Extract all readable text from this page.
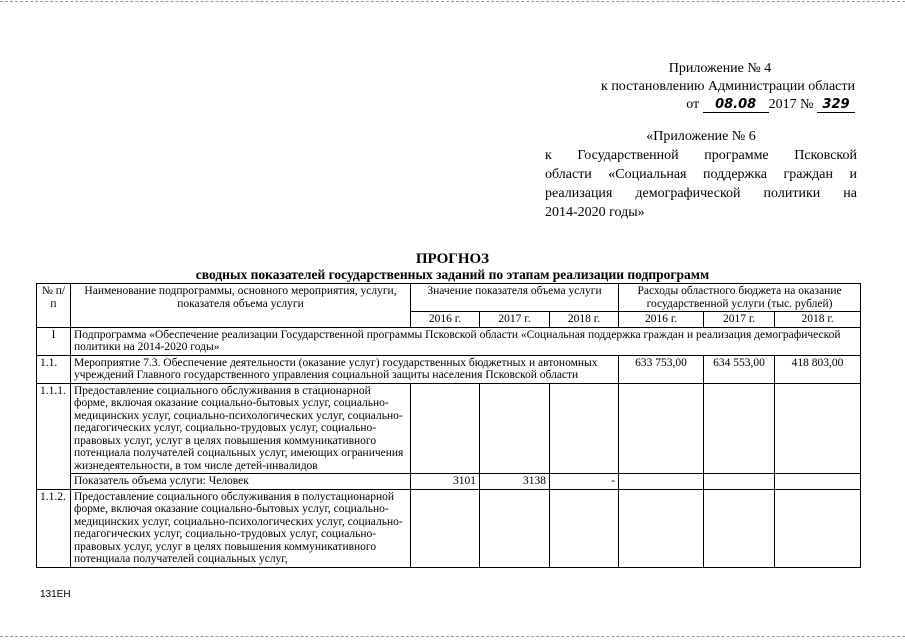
Приложение № 4
к постановлению Администрации области
от 08.08 2017 № 329
«Приложение № 6
к Государственной программе Псковской
области «Социальная поддержка граждан и
реализация демографической политики на
2014-2020 годы»
ПРОГНОЗ
сводных показателей государственных заданий по этапам реализации подпрограмм
№ п/п	Наименование подпрограммы, основного мероприятия, услуги, показателя объема услуги	Значение показателя объема услуги			Расходы областного бюджета на оказание государственной услуги (тыс. рублей)		
		2016 г.	2017 г.	2018 г.	2016 г.	2017 г.	2018 г.
I	Подпрограмма «Обеспечение реализации Государственной программы Псковской области «Социальная поддержка граждан и реализация демографической политики на 2014-2020 годы»						
1.1.	Мероприятие 7.3. Обеспечение деятельности (оказание услуг) государственных бюджетных и автономных учреждений Главного государственного управления социальной защиты населения Псковской области				633 753,00	634 553,00	418 803,00
1.1.1.	Предоставление социального обслуживания в стационарной форме, включая оказание социально-бытовых услуг, социально-медицинских услуг, социально-психологических услуг, социально-педагогических услуг, социально-трудовых услуг, социально-правовых услуг, услуг в целях повышения коммуникативного потенциала получателей социальных услуг, имеющих ограничения жизнедеятельности, в том числе детей-инвалидов						
	Показатель объема услуги: Человек	3101	3138	-			
1.1.2.	Предоставление социального обслуживания в полустационарной форме, включая оказание социально-бытовых услуг, социально-медицинских услуг, социально-психологических услуг, социально-педагогических услуг, социально-трудовых услуг, социально-правовых услуг, услуг в целях повышения коммуникативного потенциала получателей социальных услуг,						
131ЕН
